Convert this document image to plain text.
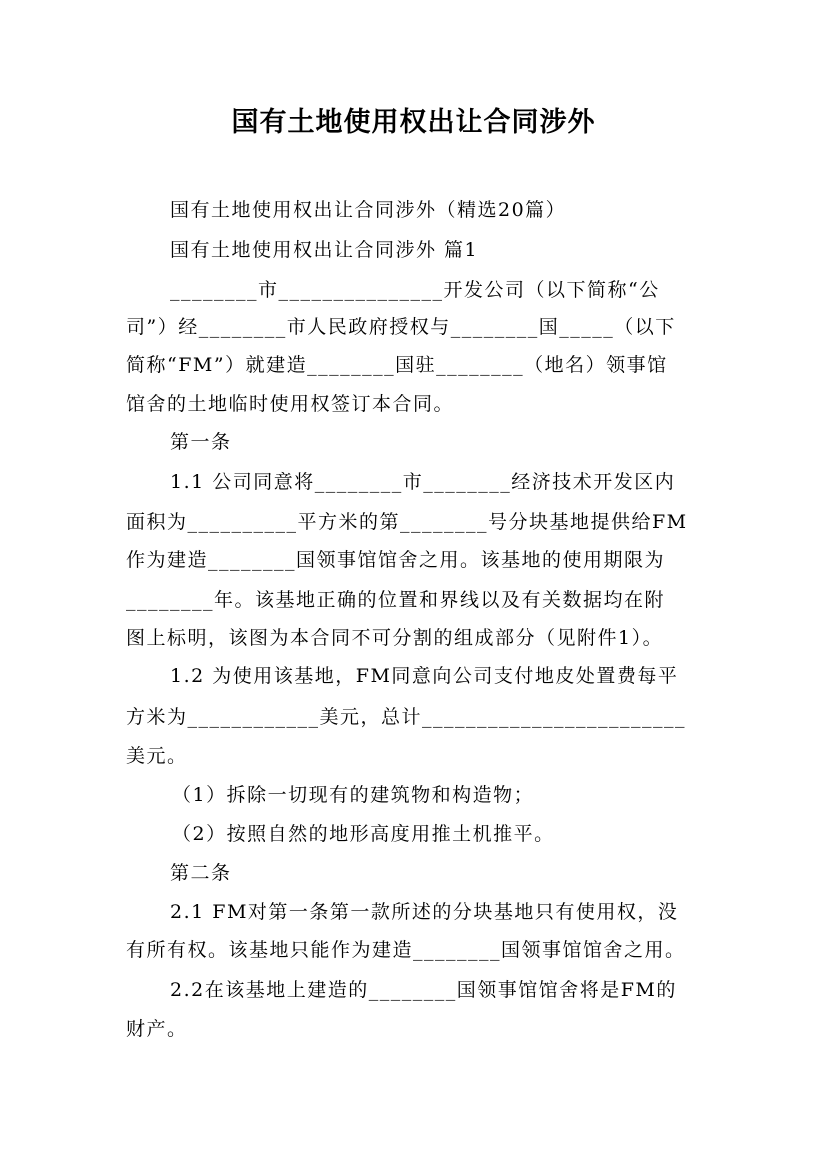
国有土地使用权出让合同涉外
国有土地使用权出让合同涉外（精选20篇）
国有土地使用权出让合同涉外 篇1
________市_______________开发公司（以下简称“公
司”）经________市人民政府授权与________国_____（以下
简称“FM”）就建造________国驻________（地名）领事馆
馆舍的土地临时使用权签订本合同。
第一条
1.1 公司同意将________市________经济技术开发区内
面积为__________平方米的第________号分块基地提供给FM
作为建造________国领事馆馆舍之用。该基地的使用期限为
________年。该基地正确的位置和界线以及有关数据均在附
图上标明，该图为本合同不可分割的组成部分（见附件1）。
1.2 为使用该基地，FM同意向公司支付地皮处置费每平
方米为____________美元，总计________________________
美元。
（1）拆除一切现有的建筑物和构造物；
（2）按照自然的地形高度用推土机推平。
第二条
2.1 FM对第一条第一款所述的分块基地只有使用权，没
有所有权。该基地只能作为建造________国领事馆馆舍之用。
2.2在该基地上建造的________国领事馆馆舍将是FM的
财产。
